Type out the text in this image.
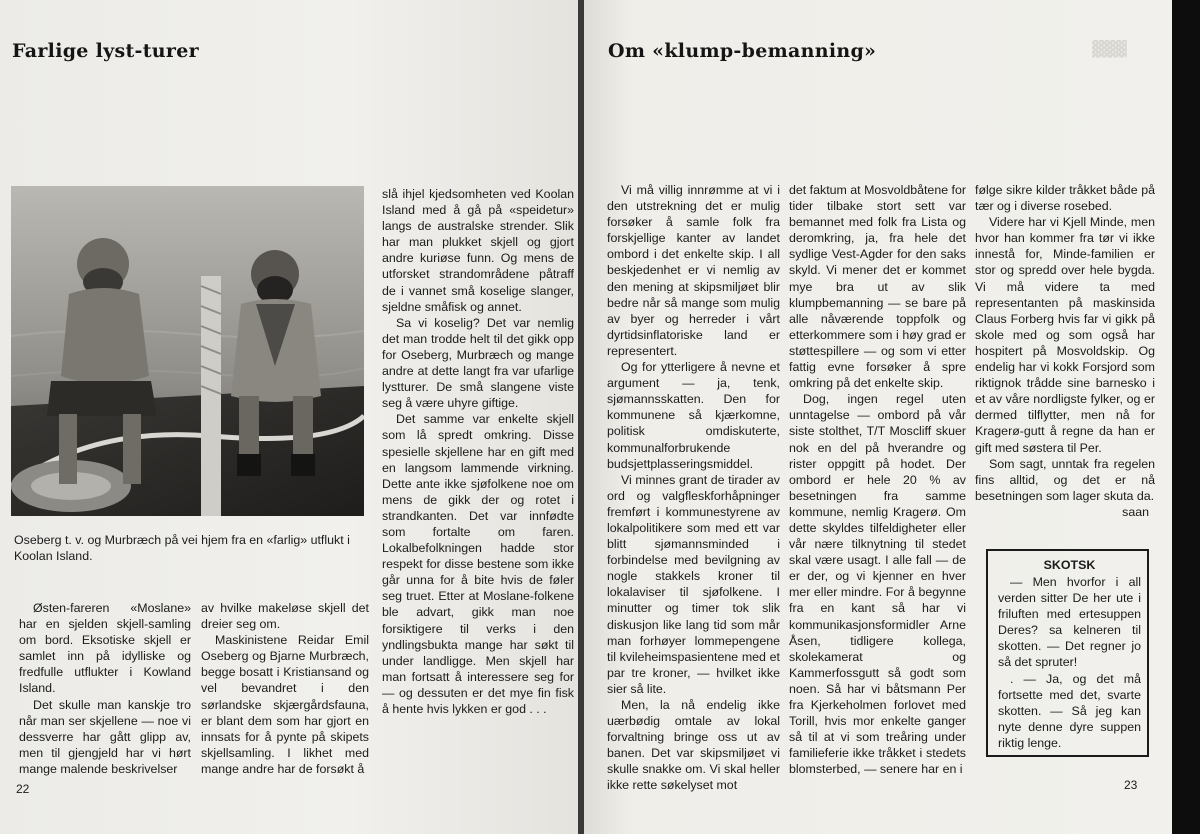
▓▓▓
Farlige lyst-turer

Oseberg t. v. og Murbræch på vei hjem fra en «farlig» utflukt i Koolan Island.

Østen-fareren «Moslane» har en sjelden skjell-samling om bord. Eksotiske skjell er samlet inn på idylliske og fredfulle utflukter i Kowland Island.

Det skulle man kanskje tro når man ser skjellene — noe vi dessverre har gått glipp av, men til gjengjeld har vi hørt mange malende beskrivelser

av hvilke makeløse skjell det dreier seg om.

Maskinistene Reidar Emil Oseberg og Bjarne Murbræch, begge bosatt i Kristiansand og vel bevandret i den sørlandske skjærgårdsfauna, er blant dem som har gjort en innsats for å pynte på skipets skjellsamling. I likhet med mange andre har de forsøkt å

slå ihjel kjedsomheten ved Koolan Island med å gå på «speidetur» langs de australske strender. Slik har man plukket skjell og gjort andre kuriøse funn. Og mens de utforsket strandområdene påtraff de i vannet små koselige slanger, sjeldne småfisk og annet.

Sa vi koselig? Det var nemlig det man trodde helt til det gikk opp for Oseberg, Murbræch og mange andre at dette langt fra var ufarlige lystturer. De små slangene viste seg å være uhyre giftige.

Det samme var enkelte skjell som lå spredt omkring. Disse spesielle skjellene har en gift med en langsom lammende virkning. Dette ante ikke sjøfolkene noe om mens de gikk der og rotet i strandkanten. Det var innfødte som fortalte om faren. Lokalbefolkningen hadde stor respekt for disse bestene som ikke går unna for å bite hvis de føler seg truet. Etter at Moslane-folkene ble advart, gikk man noe forsiktigere til verks i den yndlingsbukta mange har søkt til under landligge. Men skjell har man fortsatt å interessere seg for — og dessuten er det mye fin fisk å hente hvis lykken er god . . .

22
Om «klump-bemanning»

Vi må villig innrømme at vi i den utstrekning det er mulig forsøker å samle folk fra forskjellige kanter av landet ombord i det enkelte skip. I all beskjedenhet er vi nemlig av den mening at skipsmiljøet blir bedre når så mange som mulig av byer og herreder i vårt dyrtidsinflatoriske land er representert.

Og for ytterligere å nevne et argument — ja, tenk, sjømannsskatten. Den for kommunene så kjærkomne, politisk omdiskuterte, kommunalforbrukende budsjettplasseringsmiddel.

Vi minnes grant de tirader av ord og valgfleskforhåpninger fremført i kommunestyrene av lokalpolitikere som med ett var blitt sjømannsminded i forbindelse med bevilgning av nogle stakkels kroner til lokalaviser til sjøfolkene. I minutter og timer tok slik diskusjon like lang tid som mår man forhøyer lommepengene til kvileheimspasientene med et par tre kroner, — hvilket ikke sier så lite.

Men, la nå endelig ikke uærbødig omtale av lokal forvaltning bringe oss ut av banen. Det var skipsmiljøet vi skulle snakke om. Vi skal heller ikke rette søkelyset mot

det faktum at Mosvoldbåtene for tider tilbake stort sett var bemannet med folk fra Lista og deromkring, ja, fra hele det sydlige Vest-Agder for den saks skyld. Vi mener det er kommet mye bra ut av slik klumpbemanning — se bare på alle nåværende toppfolk og etterkommere som i høy grad er støttespillere — og som vi etter fattig evne forsøker å spre omkring på det enkelte skip.

Dog, ingen regel uten unntagelse — ombord på vår siste stolthet, T/T Moscliff skuer nok en del på hverandre og rister oppgitt på hodet. Der ombord er hele 20 % av besetningen fra samme kommune, nemlig Kragerø. Om dette skyldes tilfeldigheter eller vår nære tilknytning til stedet skal være usagt. I alle fall — de er der, og vi kjenner en hver mer eller mindre. For å begynne fra en kant så har vi kommunikasjonsformidler Arne Åsen, tidligere kollega, skolekamerat og Kammerfossgutt så godt som noen. Så har vi båtsmann Per fra Kjerkeholmen forlovet med Torill, hvis mor enkelte ganger så til at vi som treåring under familieferie ikke tråkket i stedets blomsterbed, — senere har en i

følge sikre kilder tråkket både på tær og i diverse rosebed.

Videre har vi Kjell Minde, men hvor han kommer fra tør vi ikke innestå for, Minde-familien er stor og spredd over hele bygda. Vi må videre ta med representanten på maskinsida Claus Forberg hvis far vi gikk på skole med og som også har hospitert på Mosvoldskip. Og endelig har vi kokk Forsjord som riktignok trådde sine barnesko i et av våre nordligste fylker, og er dermed tilflytter, men nå for Kragerø-gutt å regne da han er gift med søstera til Per.

Som sagt, unntak fra regelen fins alltid, og det er nå besetningen som lager skuta da.

saan

SKOTSK

— Men hvorfor i all verden sitter De her ute i friluften med ertesuppen Deres? sa kelneren til skotten. — Det regner jo så det spruter!

. — Ja, og det må fortsette med det, svarte skotten. — Så jeg kan nyte denne dyre suppen riktig lenge.

23
